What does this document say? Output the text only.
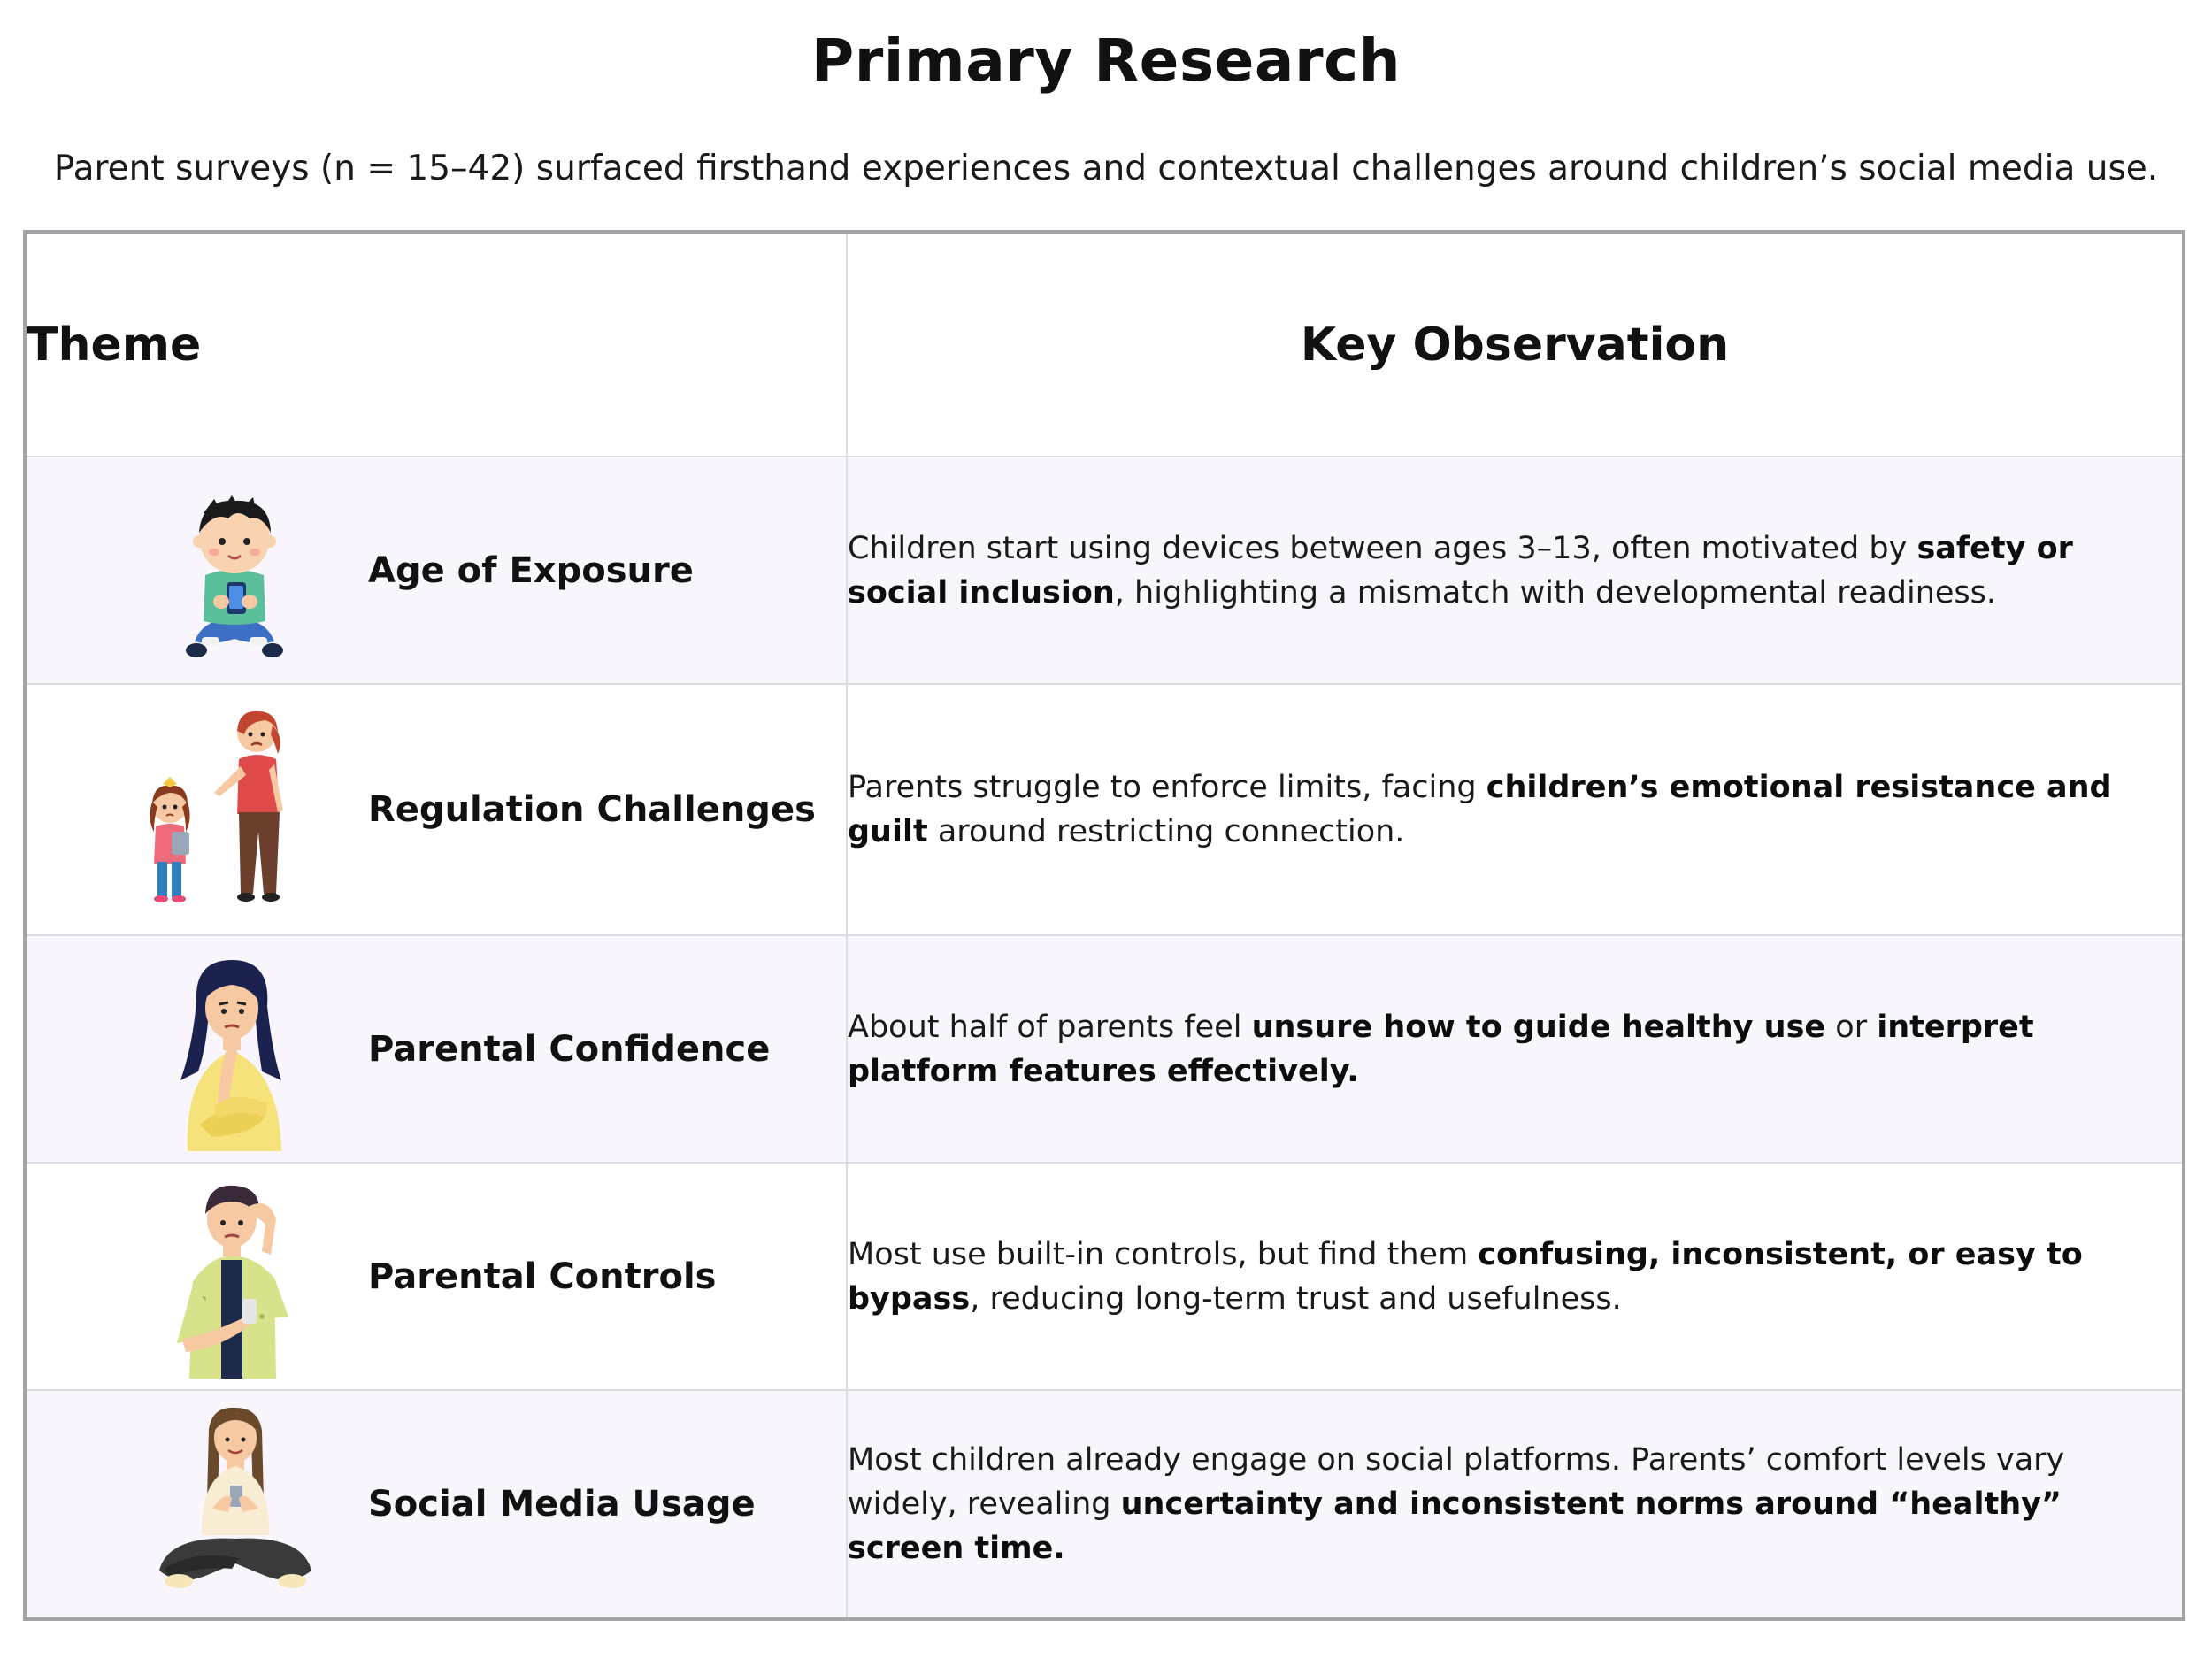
Primary Research
Parent surveys (n = 15–42) surfaced firsthand experiences and contextual challenges around children’s social media use.
Theme	Key Observation

Age of Exposure	Children start using devices between ages 3–13, often motivated by safety or social inclusion, highlighting a mismatch with developmental readiness.

Regulation Challenges	Parents struggle to enforce limits, facing children’s emotional resistance and guilt around restricting connection.

Parental Confidence	About half of parents feel unsure how to guide healthy use or interpret platform features effectively.

Parental Controls	Most use built-in controls, but find them confusing, inconsistent, or easy to bypass, reducing long-term trust and usefulness.

Social Media Usage	Most children already engage on social platforms. Parents’ comfort levels vary widely, revealing uncertainty and inconsistent norms around “healthy” screen time.
